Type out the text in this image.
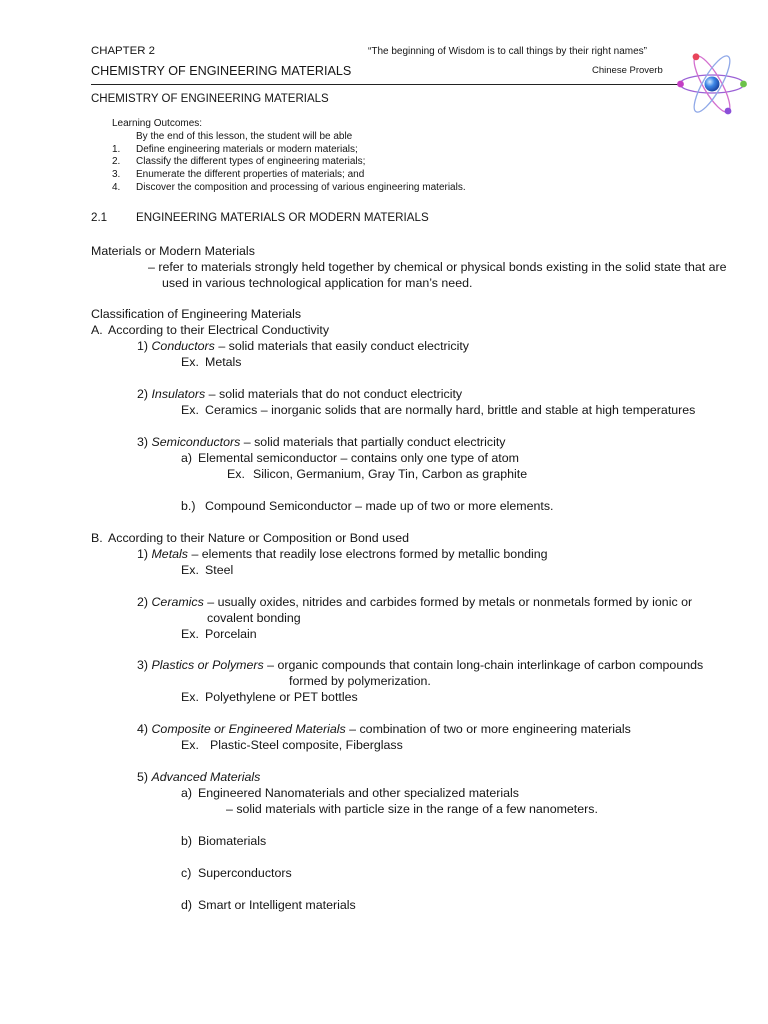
CHAPTER 2
CHEMISTRY OF ENGINEERING MATERIALS
“The beginning of Wisdom is to call things by their right names”
Chinese Proverb
CHEMISTRY OF ENGINEERING MATERIALS
Learning Outcomes:
By the end of this lesson, the student will be able
1. Define engineering materials or modern materials;
2. Classify the different types of engineering materials;
3. Enumerate the different properties of materials; and
4. Discover the composition and processing of various engineering materials.
2.1 ENGINEERING MATERIALS OR MODERN MATERIALS
Materials or Modern Materials
– refer to materials strongly held together by chemical or physical bonds existing in the solid state that are
used in various technological application for man’s need.
Classification of Engineering Materials
A. According to their Electrical Conductivity
1) Conductors – solid materials that easily conduct electricity
Ex. Metals
2) Insulators – solid materials that do not conduct electricity
Ex. Ceramics – inorganic solids that are normally hard, brittle and stable at high temperatures
3) Semiconductors – solid materials that partially conduct electricity
a) Elemental semiconductor – contains only one type of atom
Ex. Silicon, Germanium, Gray Tin, Carbon as graphite
b.) Compound Semiconductor – made up of two or more elements.
B. According to their Nature or Composition or Bond used
1) Metals – elements that readily lose electrons formed by metallic bonding
Ex. Steel
2) Ceramics – usually oxides, nitrides and carbides formed by metals or nonmetals formed by ionic or
covalent bonding
Ex. Porcelain
3) Plastics or Polymers – organic compounds that contain long-chain interlinkage of carbon compounds
formed by polymerization.
Ex. Polyethylene or PET bottles
4) Composite or Engineered Materials – combination of two or more engineering materials
Ex. Plastic-Steel composite, Fiberglass
5) Advanced Materials
a) Engineered Nanomaterials and other specialized materials
– solid materials with particle size in the range of a few nanometers.
b) Biomaterials
c) Superconductors
d) Smart or Intelligent materials
